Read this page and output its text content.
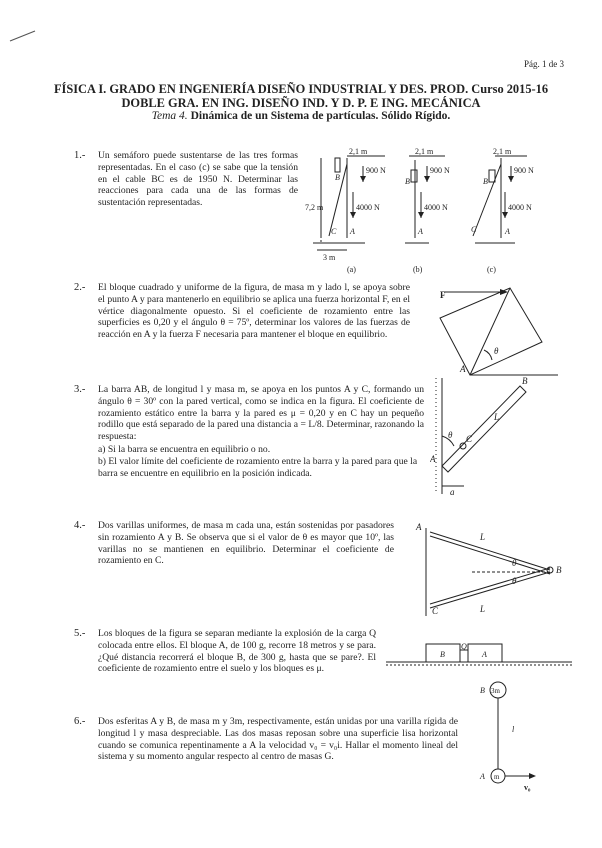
Pág. 1 de 3
FÍSICA I. GRADO EN INGENIERÍA DISEÑO INDUSTRIAL Y DES. PROD. Curso 2015-16
DOBLE GRA. EN ING. DISEÑO IND. Y D. P. E ING. MECÁNICA
Tema 4. Dinámica de un Sistema de partículas. Sólido Rígido.
1.- Un semáforo puede sustentarse de las tres formas representadas. En el caso (c) se sabe que la tensión en el cable BC es de 1950 N. Determinar las reacciones para cada una de las formas de sustentación representadas.
2,1 m
900 N
4000 N
7,2 m
3 m
A
B
C
(a)
2,1 m
900 N
4000 N
B
A
(b)
2,1 m
900 N
4000 N
B
A
C
(c)
2.- El bloque cuadrado y uniforme de la figura, de masa m y lado l, se apoya sobre el punto A y para mantenerlo en equilibrio se aplica una fuerza horizontal F, en el vértice diagonalmente opuesto. Si el coeficiente de rozamiento entre las superficies es 0,20 y el ángulo θ = 75º, determinar los valores de las fuerzas de reacción en A y la fuerza F necesaria para mantener el bloque en equilibrio.
F
θ
A
3.- La barra AB, de longitud l y masa m, se apoya en los puntos A y C, formando un ángulo θ = 30º con la pared vertical, como se indica en la figura. El coeficiente de rozamiento estático entre la barra y la pared es μ = 0,20 y en C hay un pequeño rodillo que está separado de la pared una distancia a = L/8. Determinar, razonando la respuesta:
a) Si la barra se encuentra en equilibrio o no.
b) El valor límite del coeficiente de rozamiento entre la barra y la pared para que la barra se encuentre en equilibrio en la posición indicada.
A
B
C
L
θ
a
4.- Dos varillas uniformes, de masa m cada una, están sostenidas por pasadores sin rozamiento A y B. Se observa que si el valor de θ es mayor que 10º, las varillas no se mantienen en equilibrio. Determinar el coeficiente de rozamiento en C.
A
B
C
L
L
θ
θ
5.- Los bloques de la figura se separan mediante la explosión de la carga Q colocada entre ellos. El bloque A, de 100 g, recorre 18 metros y se para. ¿Qué distancia recorrerá el bloque B, de 300 g, hasta que se pare?. El coeficiente de rozamiento entre el suelo y los bloques es μ.
B
Q
A
6.- Dos esferitas A y B, de masa m y 3m, respectivamente, están unidas por una varilla rígida de longitud l y masa despreciable. Las dos masas reposan sobre una superficie lisa horizontal cuando se comunica repentinamente a A la velocidad v₀ = v₀i. Hallar el momento lineal del sistema y su momento angular respecto al centro de masas G.
B 3m
l
A m
v₀
